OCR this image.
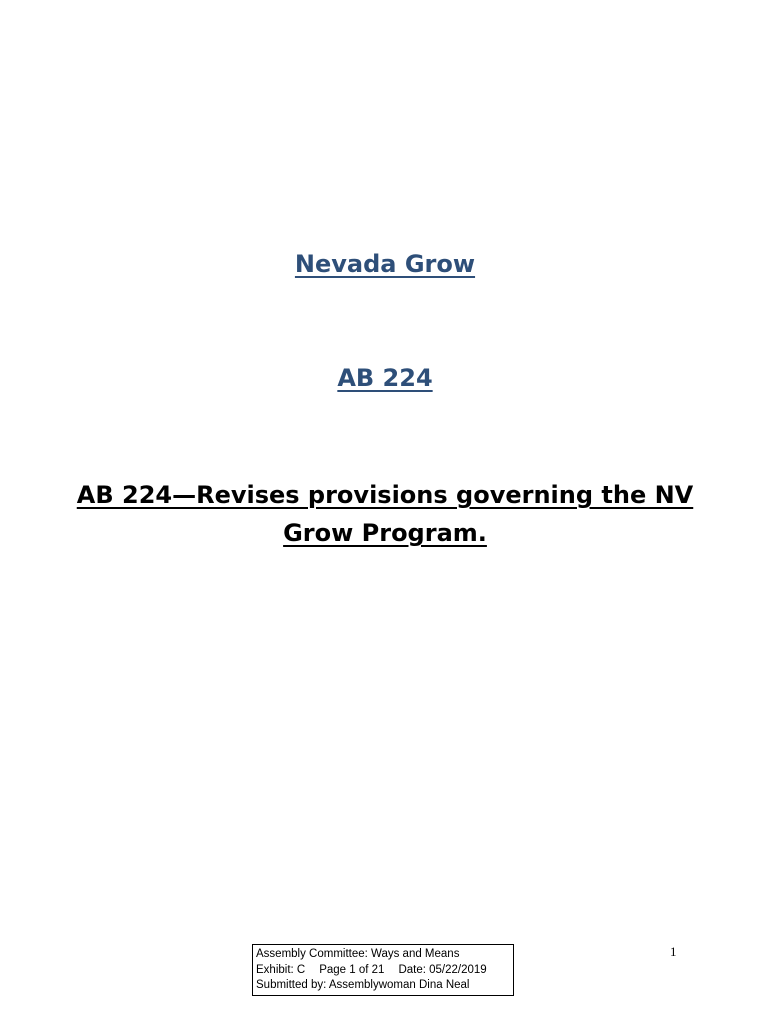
Nevada Grow
AB 224
AB 224—Revises provisions governing the NV Grow Program.
1
Assembly Committee: Ways and Means
Exhibit: C Page 1 of 21 Date: 05/22/2019
Submitted by: Assemblywoman Dina Neal
